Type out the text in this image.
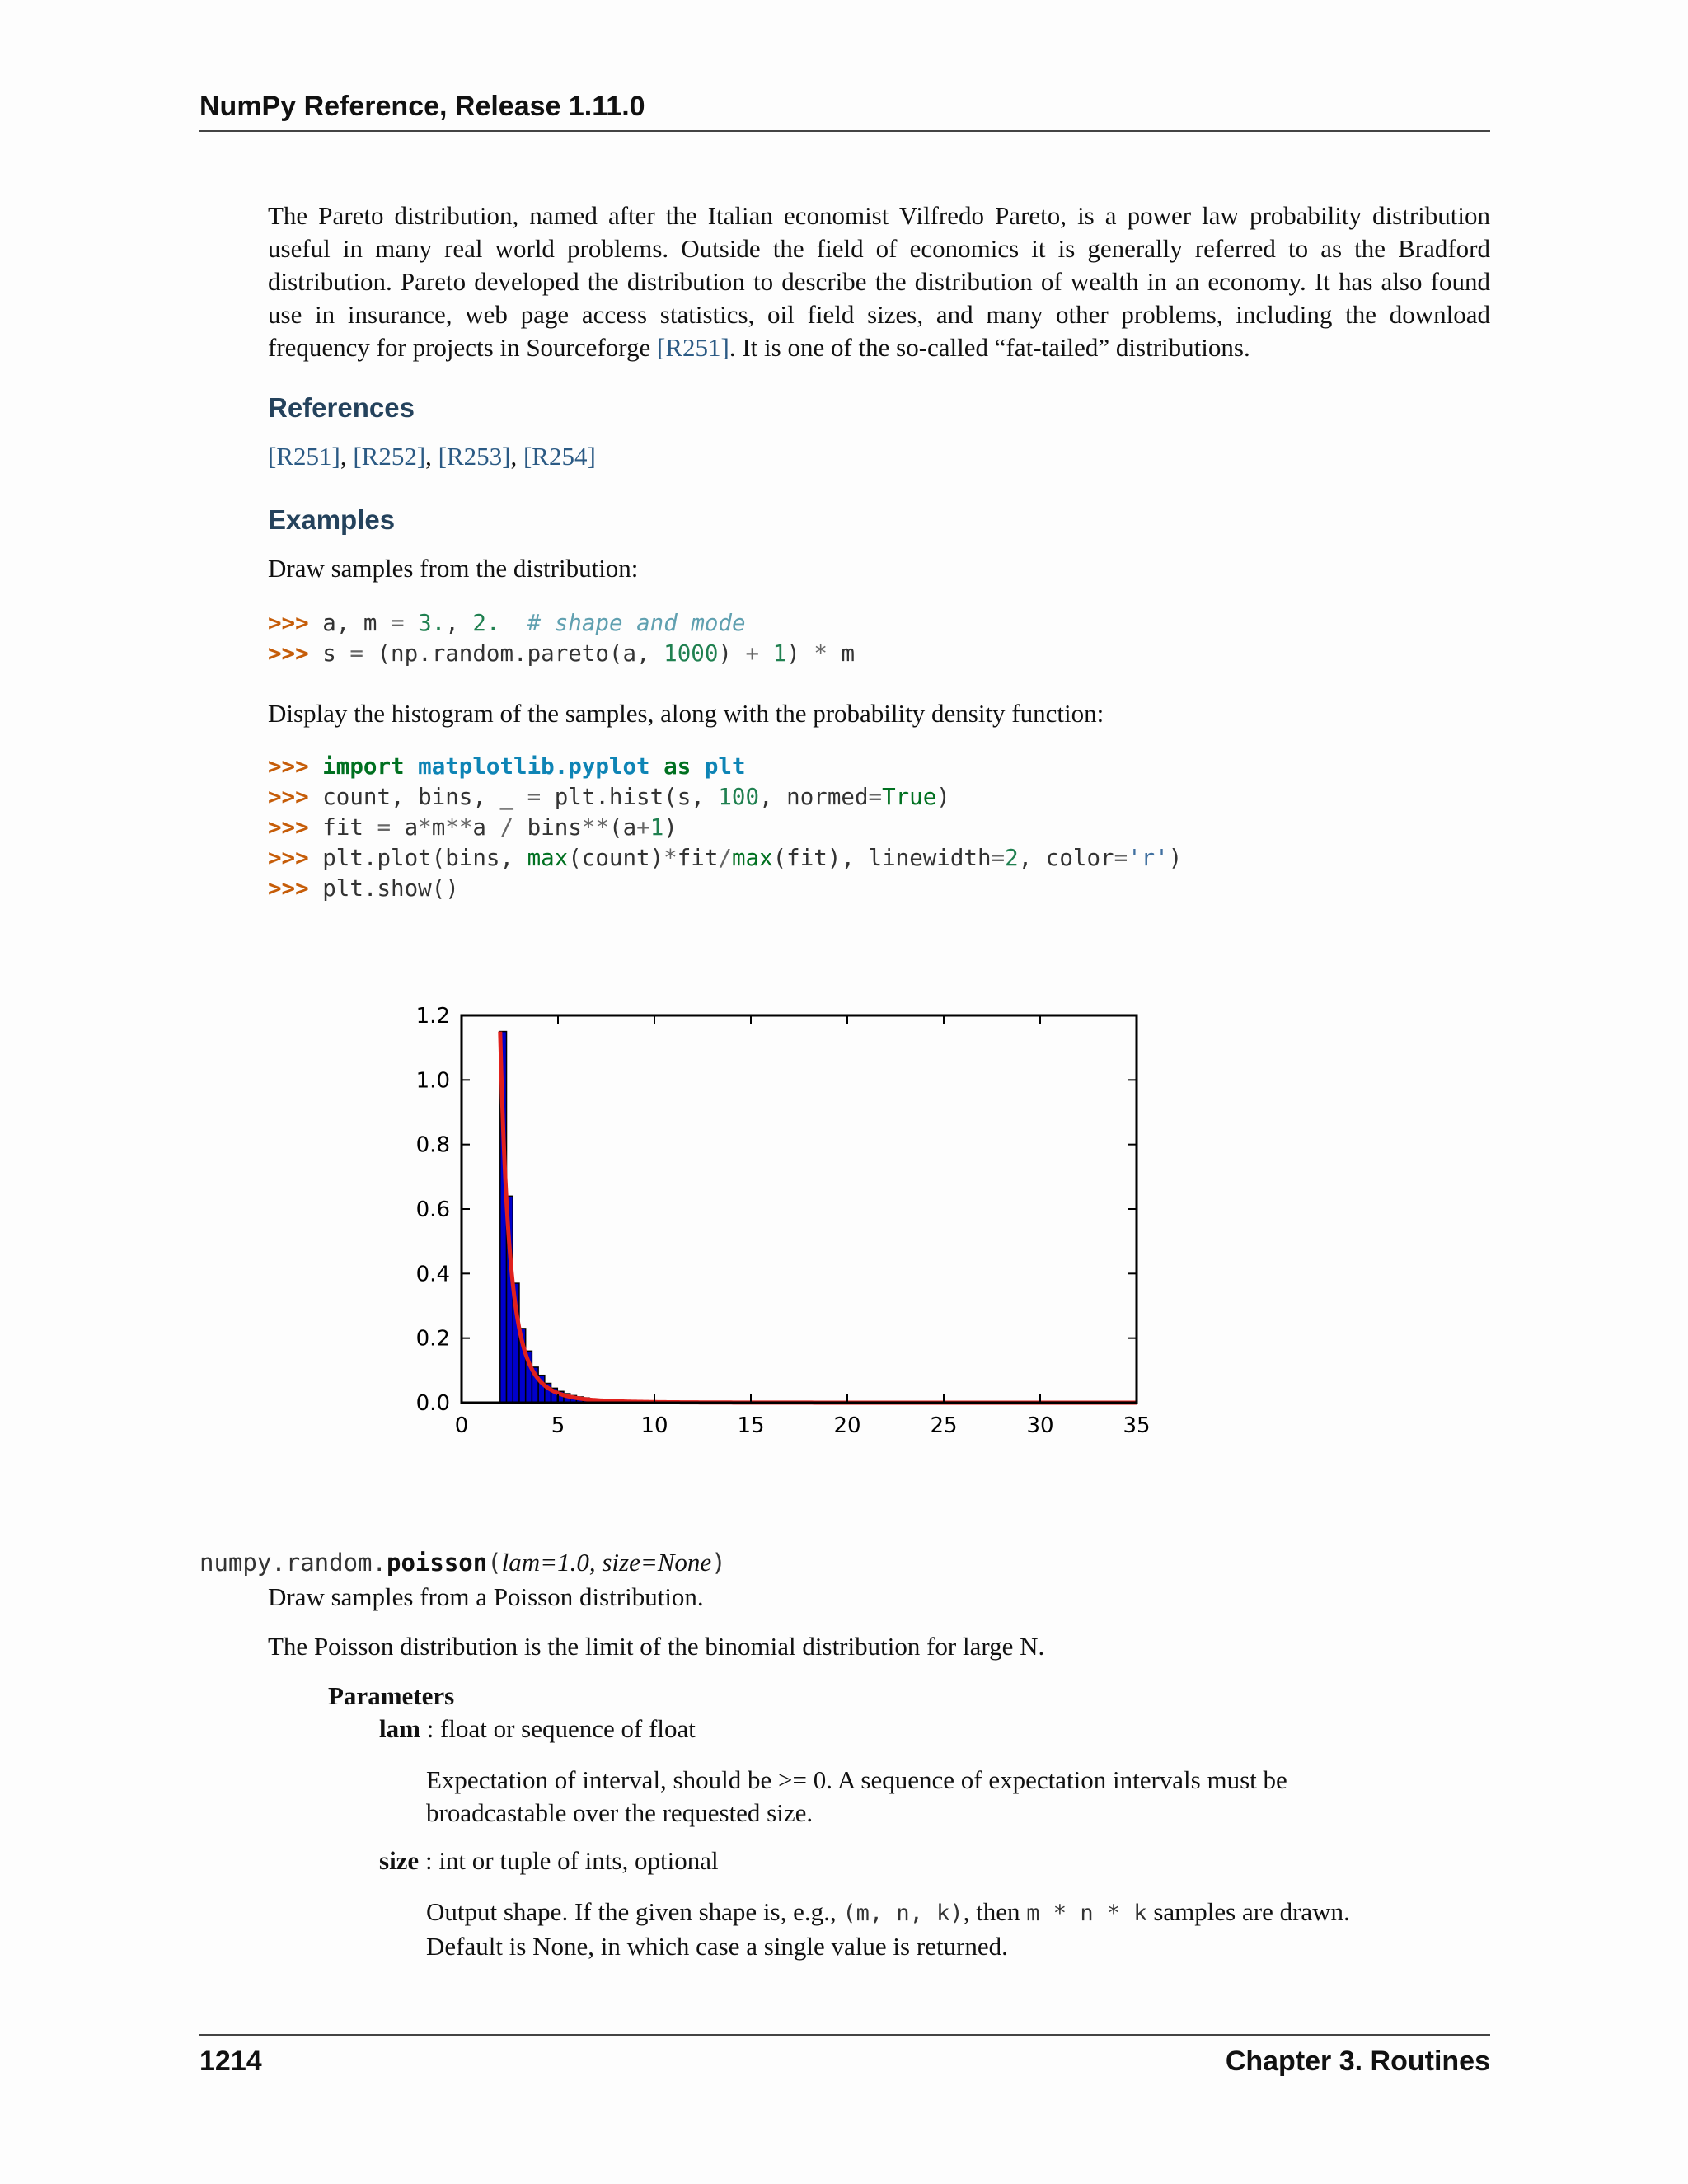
NumPy Reference, Release 1.11.0
The Pareto distribution, named after the Italian economist Vilfredo Pareto, is a power law probability distribution useful in many real world problems. Outside the field of economics it is generally referred to as the Bradford distribution. Pareto developed the distribution to describe the distribution of wealth in an economy. It has also found use in insurance, web page access statistics, oil field sizes, and many other problems, including the download frequency for projects in Sourceforge [R251]. It is one of the so-called “fat-tailed” distributions.
References
[R251], [R252], [R253], [R254]
Examples
Draw samples from the distribution:
>>> a, m = 3., 2. # shape and mode
>>> s = (np.random.pareto(a, 1000) + 1) * m
Display the histogram of the samples, along with the probability density function:
>>> import matplotlib.pyplot as plt
>>> count, bins, _ = plt.hist(s, 100, normed=True)
>>> fit = a*m**a / bins**(a+1)
>>> plt.plot(bins, max(count)*fit/max(fit), linewidth=2, color='r')
>>> plt.show()
0	5	10	15	20	25	30	35
0.0
0.2
0.4
0.6
0.8
1.0
1.2
numpy.random.poisson(lam=1.0, size=None)
Draw samples from a Poisson distribution.
The Poisson distribution is the limit of the binomial distribution for large N.
Parameters
lam : float or sequence of float
Expectation of interval, should be >= 0. A sequence of expectation intervals must be broadcastable over the requested size.
size : int or tuple of ints, optional
Output shape. If the given shape is, e.g., (m, n, k), then m * n * k samples are drawn. Default is None, in which case a single value is returned.
1214	Chapter 3. Routines
